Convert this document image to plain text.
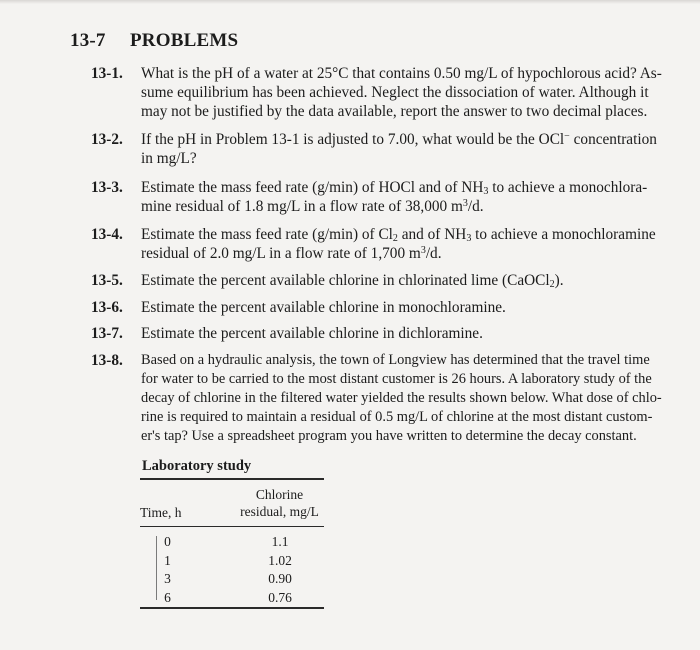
13-7 PROBLEMS
13-1. What is the pH of a water at 25°C that contains 0.50 mg/L of hypochlorous acid? As-
sume equilibrium has been achieved. Neglect the dissociation of water. Although it
may not be justified by the data available, report the answer to two decimal places.
13-2. If the pH in Problem 13-1 is adjusted to 7.00, what would be the OCl− concentration
in mg/L?
13-3. Estimate the mass feed rate (g/min) of HOCl and of $NH_3$ to achieve a monochlora-
mine residual of 1.8 mg/L in a flow rate of 38,000 $m^3/d$.
13-4. Estimate the mass feed rate (g/min) of $Cl_2$ and of $NH_3$ to achieve a monochloramine
residual of 2.0 mg/L in a flow rate of 1,700 $m^3/d$.
13-5. Estimate the percent available chlorine in chlorinated lime (CaOCl$_2$).
13-6. Estimate the percent available chlorine in monochloramine.
13-7. Estimate the percent available chlorine in dichloramine.
13-8. Based on a hydraulic analysis, the town of Longview has determined that the travel time
for water to be carried to the most distant customer is 26 hours. A laboratory study of the
decay of chlorine in the filtered water yielded the results shown below. What dose of chlo-
rine is required to maintain a residual of 0.5 mg/L of chlorine at the most distant custom-
er's tap? Use a spreadsheet program you have written to determine the decay constant.
Laboratory study
Time, h
Chlorine
residual, mg/L
0
1
3
6
1.1
1.02
0.90
0.76
